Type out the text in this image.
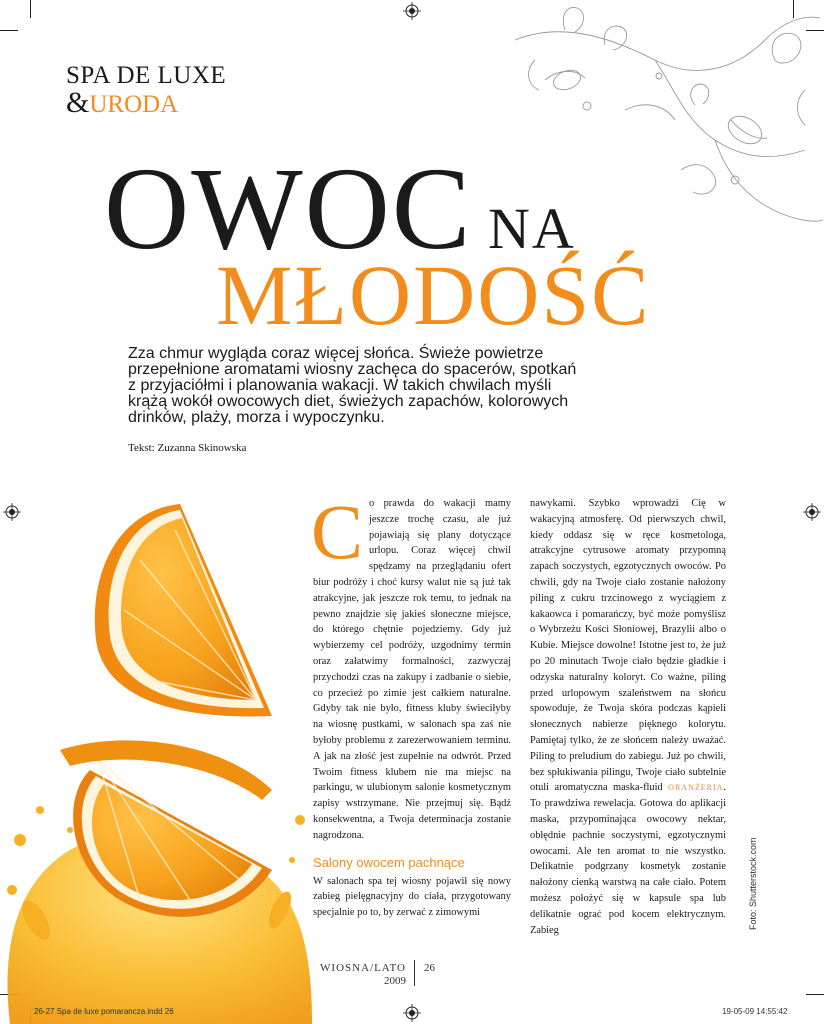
SPA DE LUXE
&URODA
OWOC NA
MŁODOŚĆ
Zza chmur wygląda coraz więcej słońca. Świeże powietrze przepełnione aromatami wiosny zachęca do spacerów, spotkań z przyjaciółmi i planowania wakacji. W takich chwilach myśli krążą wokół owocowych diet, świeżych zapachów, kolorowych drinków, plaży, morza i wypoczynku.
Tekst: Zuzanna Skinowska

Co prawda do wakacji mamy jeszcze trochę czasu, ale już pojawiają się plany dotyczące urlopu. Coraz więcej chwil spędzamy na przeglądaniu ofert biur podróży i choć kursy walut nie są już tak atrakcyjne, jak jeszcze rok temu, to jednak na pewno znajdzie się jakieś słoneczne miejsce, do którego chętnie pojedziemy. Gdy już wybierzemy cel podróży, uzgodnimy termin oraz załatwimy formalności, zazwyczaj przychodzi czas na zakupy i zadbanie o siebie, co przecież po zimie jest całkiem naturalne. Gdyby tak nie było, fitness kluby świeciłyby na wiosnę pustkami, w salonach spa zaś nie byłoby problemu z zarezerwowaniem terminu. A jak na złość jest zupełnie na odwrót. Przed Twoim fitness klubem nie ma miejsc na parkingu, w ulubionym salonie kosmetycznym zapisy wstrzymane. Nie przejmuj się. Bądź konsekwentna, a Twoja determinacja zostanie nagrodzona.

Salony owocem pachnące

W salonach spa tej wiosny pojawił się nowy zabieg pielęgnacyjny do ciała, przygotowany specjalnie po to, by zerwać z zimowymi

nawykami. Szybko wprowadzi Cię w wakacyjną atmosferę. Od pierwszych chwil, kiedy oddasz się w ręce kosmetologa, atrakcyjne cytrusowe aromaty przypomną zapach soczystych, egzotycznych owoców. Po chwili, gdy na Twoje ciało zostanie nałożony piling z cukru trzcinowego z wyciągiem z kakaowca i pomarańczy, być może pomyślisz o Wybrzeżu Kości Słoniowej, Brazylii albo o Kubie. Miejsce dowolne! Istotne jest to, że już po 20 minutach Twoje ciało będzie gładkie i odzyska naturalny koloryt. Co ważne, piling przed urlopowym szaleństwem na słońcu spowoduje, że Twoja skóra podczas kąpieli słonecznych nabierze pięknego kolorytu. Pamiętaj tylko, że ze słońcem należy uważać. Piling to preludium do zabiegu. Już po chwili, bez spłukiwania pilingu, Twoje ciało subtelnie otuli aromatyczna maska-fluid ORANŻERIA. To prawdziwa rewelacja. Gotowa do aplikacji maska, przypominająca owocowy nektar, obłędnie pachnie soczystymi, egzotycznymi owocami. Ale ten aromat to nie wszystko. Delikatnie podgrzany kosmetyk zostanie nałożony cienką warstwą na całe ciało. Potem możesz położyć się w kapsule spa lub delikatnie ograć pod kocem elektrycznym. Zabieg

WIOSNA/LATO
2009
26
Foto: Shutterstock.com
26-27 Spa de luxe pomarancza.indd 26	19-05-09 14:55:42
